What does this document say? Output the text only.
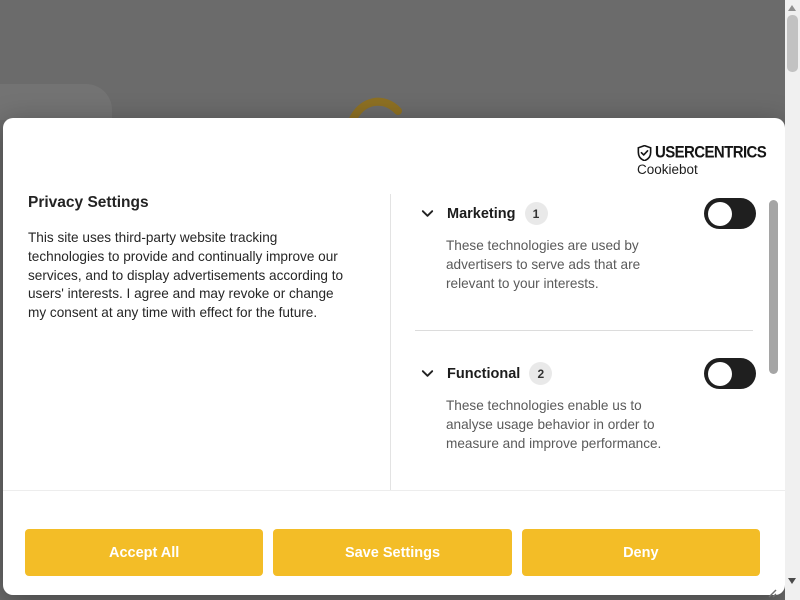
USERCENTRICS
Cookiebot
Privacy Settings
This site uses third-party website tracking technologies to provide and continually improve our services, and to display advertisements according to users' interests. I agree and may revoke or change my consent at any time with effect for the future.
Marketing	1
These technologies are used by advertisers to serve ads that are relevant to your interests.
Functional	2
These technologies enable us to analyse usage behavior in order to measure and improve performance.
Accept All	Save Settings	Deny
